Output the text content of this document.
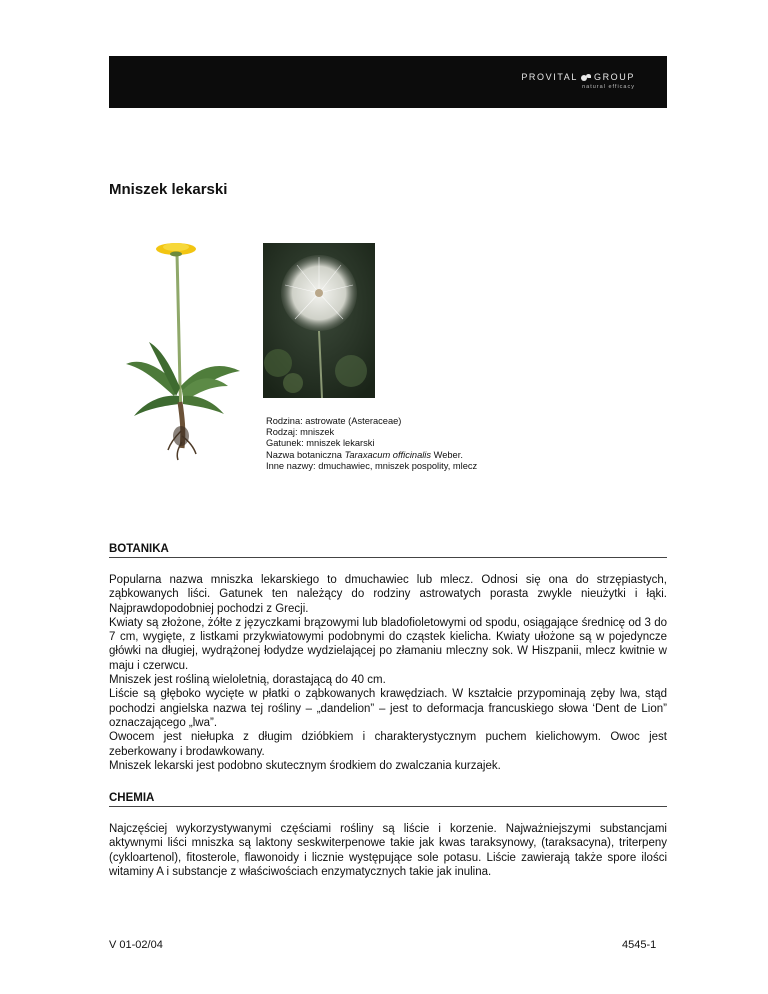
PROVITAL GROUP
natural efficacy
Mniszek lekarski
Rodzina: astrowate (Asteraceae)
Rodzaj: mniszek
Gatunek: mniszek lekarski
Nazwa botaniczna Taraxacum officinalis Weber.
Inne nazwy: dmuchawiec, mniszek pospolity, mlecz
BOTANIKA

Popularna nazwa mniszka lekarskiego to dmuchawiec lub mlecz. Odnosi się ona do strzępiastych, ząbkowanych liści. Gatunek ten należący do rodziny astrowatych porasta zwykle nieużytki i łąki. Najprawdopodobniej pochodzi z Grecji.

Kwiaty są złożone, żółte z języczkami brązowymi lub bladofioletowymi od spodu, osiągające średnicę od 3 do 7 cm, wygięte, z listkami przykwiatowymi podobnymi do cząstek kielicha. Kwiaty ułożone są w pojedyncze główki na długiej, wydrążonej łodydze wydzielającej po złamaniu mleczny sok. W Hiszpanii, mlecz kwitnie w maju i czerwcu.

Mniszek jest rośliną wieloletnią, dorastającą do 40 cm.

Liście są głęboko wycięte w płatki o ząbkowanych krawędziach. W kształcie przypominają zęby lwa, stąd pochodzi angielska nazwa tej rośliny – „dandelion” – jest to deformacja francuskiego słowa ‘Dent de Lion” oznaczającego „lwa”.

Owocem jest niełupka z długim dzióbkiem i charakterystycznym puchem kielichowym. Owoc jest zeberkowany i brodawkowany.

Mniszek lekarski jest podobno skutecznym środkiem do zwalczania kurzajek.

CHEMIA

Najczęściej wykorzystywanymi częściami rośliny są liście i korzenie. Najważniejszymi substancjami aktywnymi liści mniszka są laktony seskwiterpenowe takie jak kwas taraksynowy, (taraksacyna), triterpeny (cykloartenol), fitosterole, flawonoidy i licznie występujące sole potasu. Liście zawierają także spore ilości witaminy A i substancje z właściwościach enzymatycznych takie jak inulina.

V 01-02/04	4545-1
